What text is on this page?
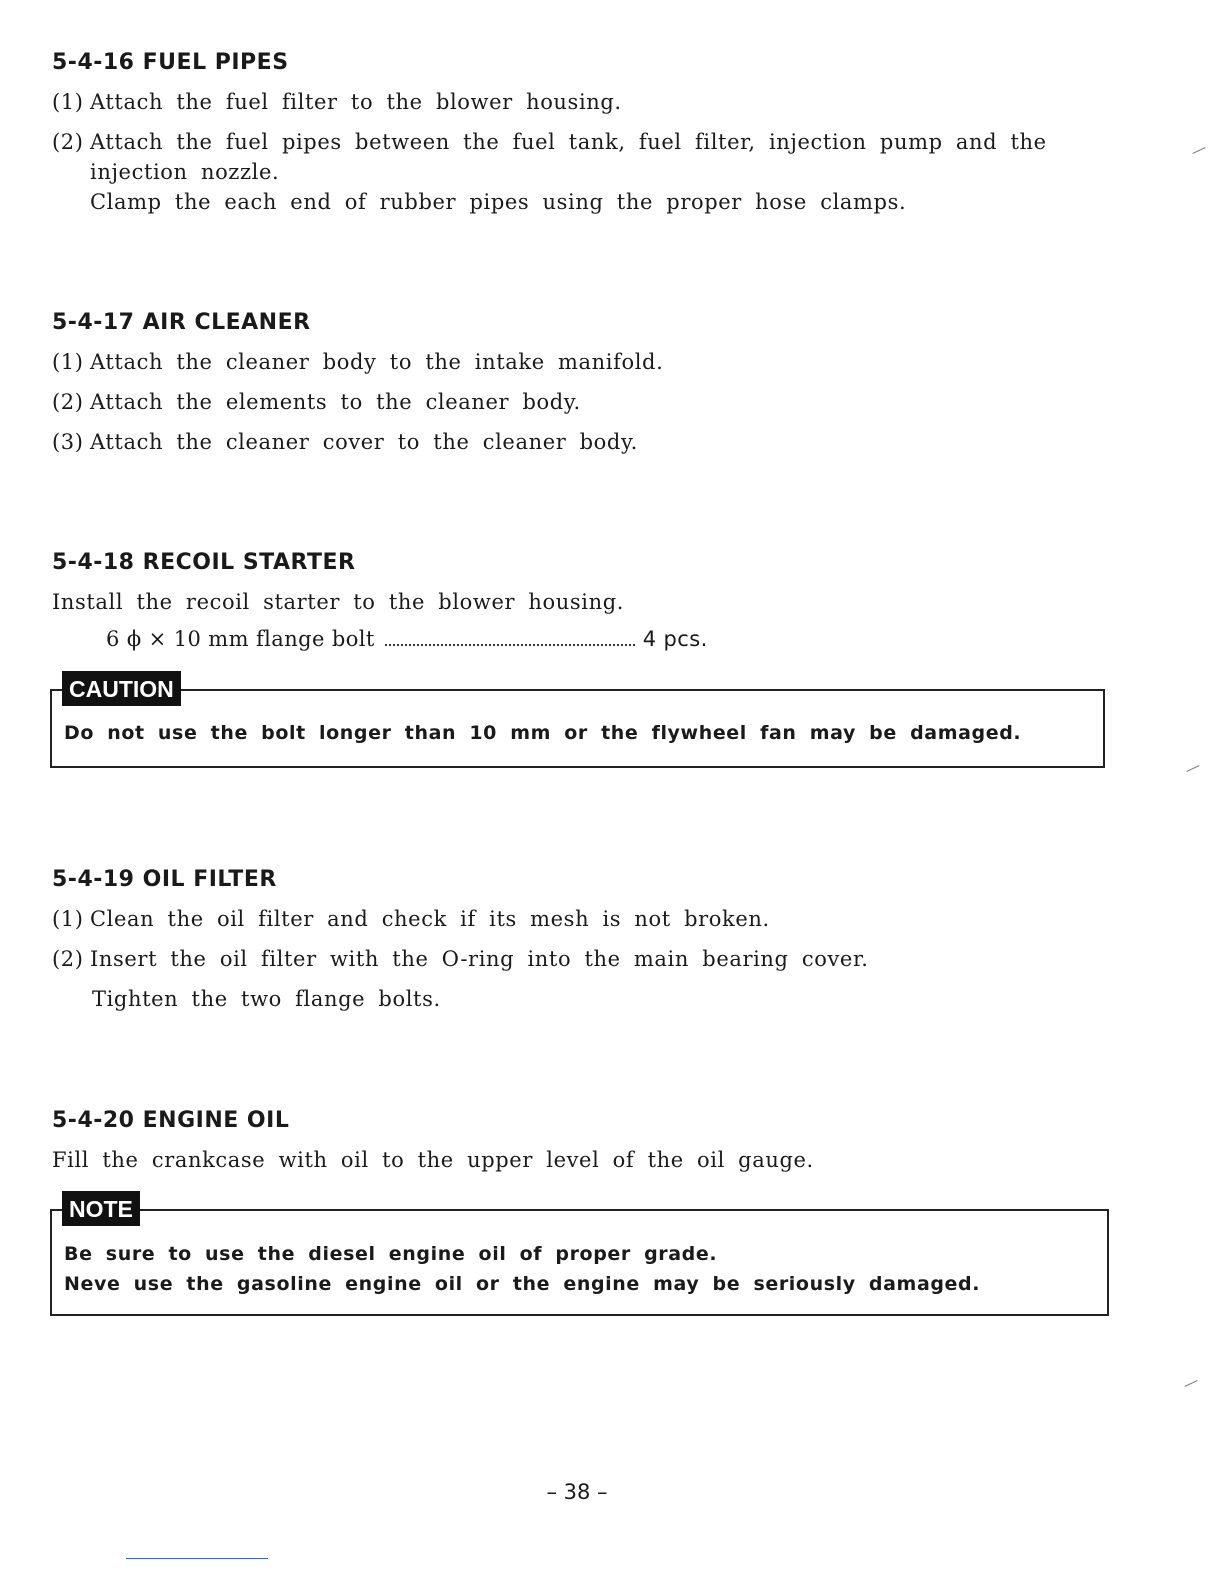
5-4-16 FUEL PIPES

(1) Attach the fuel filter to the blower housing.

(2) Attach the fuel pipes between the fuel tank, fuel filter, injection pump and the

injection nozzle.

Clamp the each end of rubber pipes using the proper hose clamps.

5-4-17 AIR CLEANER

(1) Attach the cleaner body to the intake manifold.

(2) Attach the elements to the cleaner body.

(3) Attach the cleaner cover to the cleaner body.

5-4-18 RECOIL STARTER

Install the recoil starter to the blower housing.

6 ϕ × 10 mm flange bolt	4 pcs.
CAUTION

Do not use the bolt longer than 10 mm or the flywheel fan may be damaged.

5-4-19 OIL FILTER

(1) Clean the oil filter and check if its mesh is not broken.

(2) Insert the oil filter with the O-ring into the main bearing cover.

Tighten the two flange bolts.

5-4-20 ENGINE OIL

Fill the crankcase with oil to the upper level of the oil gauge.

NOTE

Be sure to use the diesel engine oil of proper grade.

Neve use the gasoline engine oil or the engine may be seriously damaged.

– 38 –
